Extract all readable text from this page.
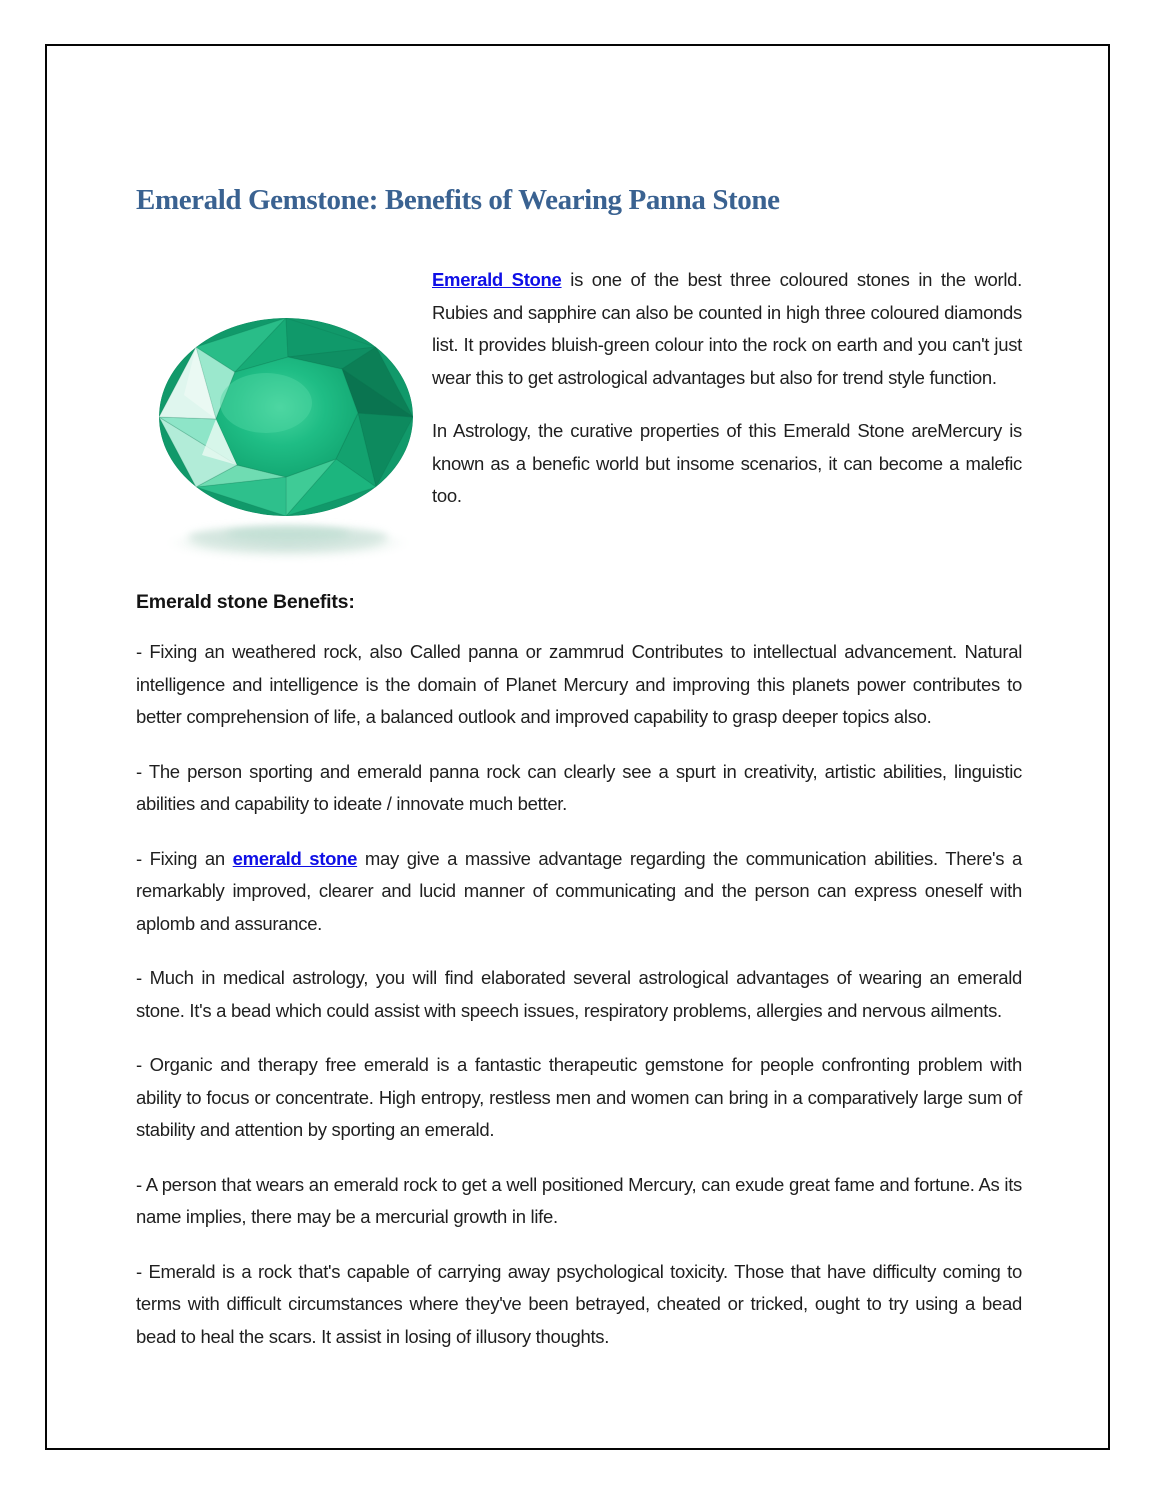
Emerald Gemstone: Benefits of Wearing Panna Stone

Emerald Stone is one of the best three coloured stones in the world. Rubies and sapphire can also be counted in high three coloured diamonds list. It provides bluish-green colour into the rock on earth and you can't just wear this to get astrological advantages but also for trend style function.

In Astrology, the curative properties of this Emerald Stone areMercury is known as a benefic world but insome scenarios, it can become a malefic too.

Emerald stone Benefits:

- Fixing an weathered rock, also Called panna or zammrud Contributes to intellectual advancement. Natural intelligence and intelligence is the domain of Planet Mercury and improving this planets power contributes to better comprehension of life, a balanced outlook and improved capability to grasp deeper topics also.

- The person sporting and emerald panna rock can clearly see a spurt in creativity, artistic abilities, linguistic abilities and capability to ideate / innovate much better.

- Fixing an emerald stone may give a massive advantage regarding the communication abilities. There's a remarkably improved, clearer and lucid manner of communicating and the person can express oneself with aplomb and assurance.

- Much in medical astrology, you will find elaborated several astrological advantages of wearing an emerald stone. It's a bead which could assist with speech issues, respiratory problems, allergies and nervous ailments.

- Organic and therapy free emerald is a fantastic therapeutic gemstone for people confronting problem with ability to focus or concentrate. High entropy, restless men and women can bring in a comparatively large sum of stability and attention by sporting an emerald.

- A person that wears an emerald rock to get a well positioned Mercury, can exude great fame and fortune. As its name implies, there may be a mercurial growth in life.

- Emerald is a rock that's capable of carrying away psychological toxicity. Those that have difficulty coming to terms with difficult circumstances where they've been betrayed, cheated or tricked, ought to try using a bead bead to heal the scars. It assist in losing of illusory thoughts.
